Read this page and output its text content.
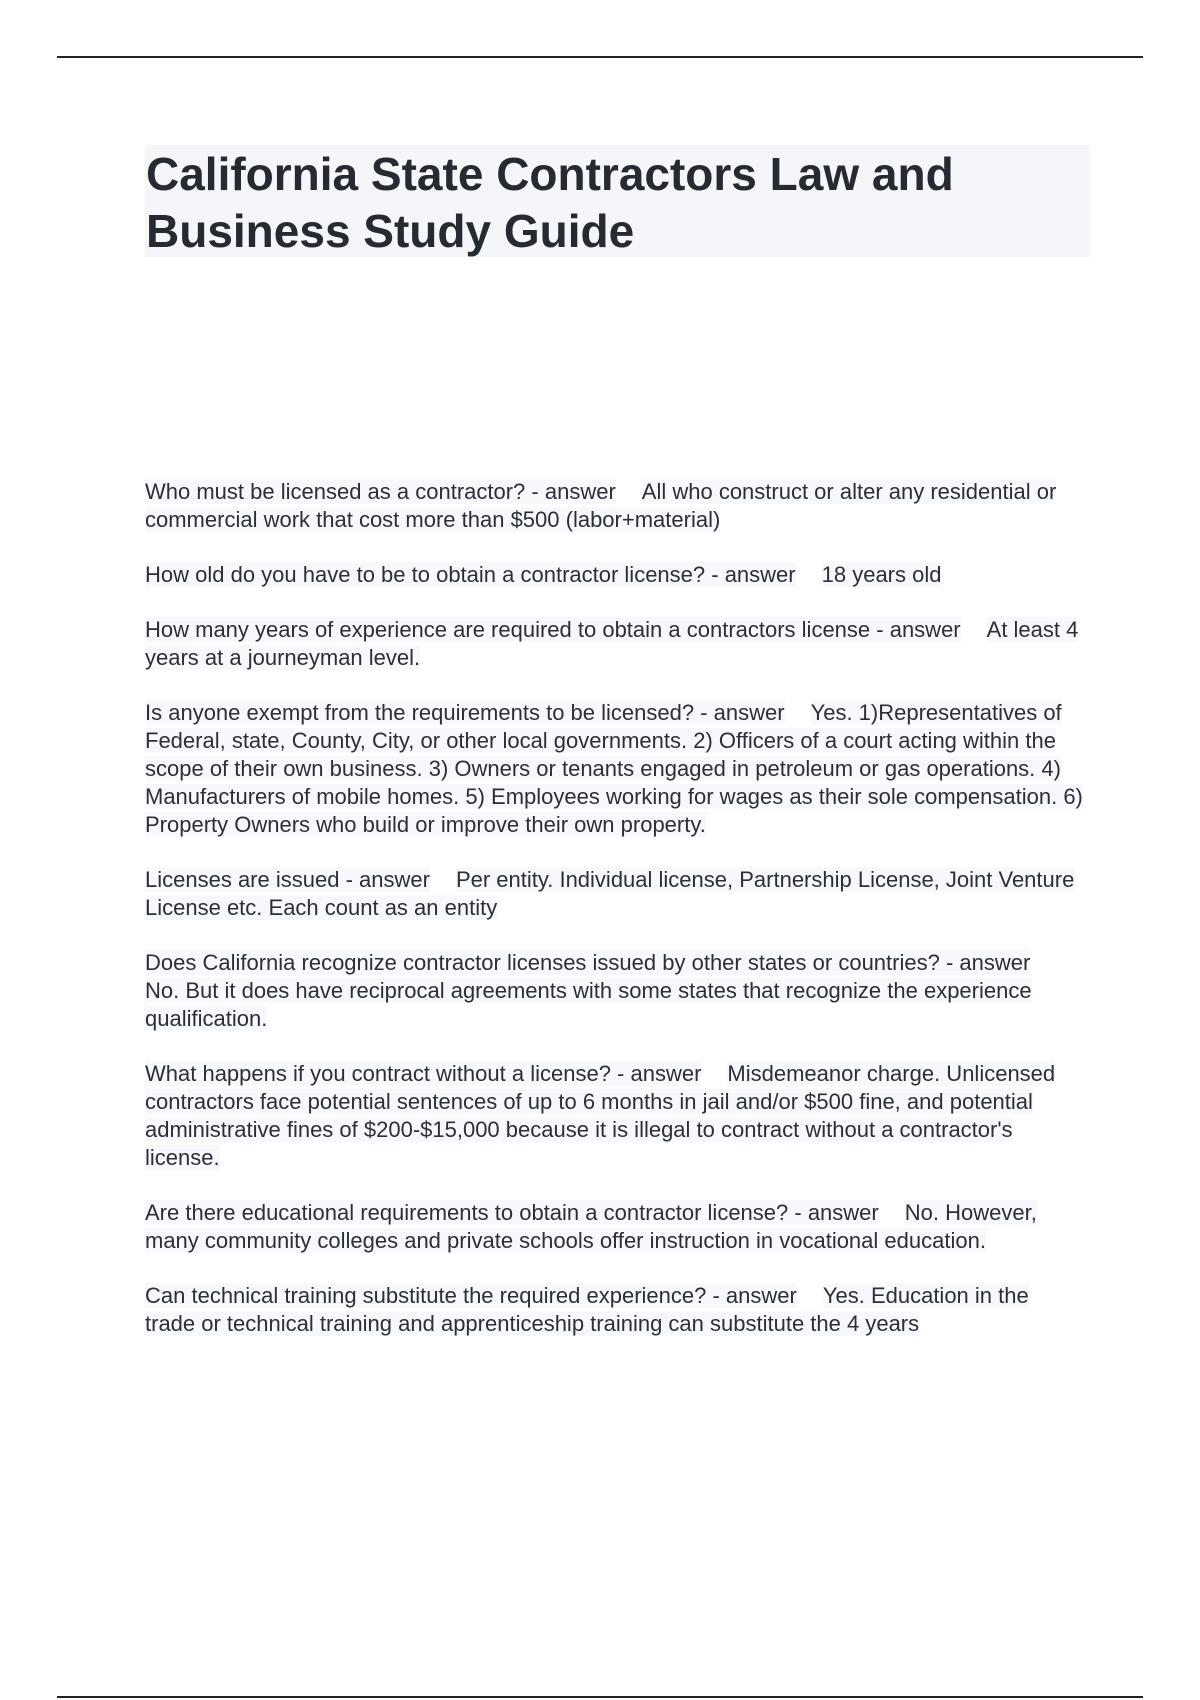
California State Contractors Law and Business Study Guide

Who must be licensed as a contractor? - answer All who construct or alter any residential or commercial work that cost more than $500 (labor+material)

How old do you have to be to obtain a contractor license? - answer 18 years old

How many years of experience are required to obtain a contractors license - answer At least 4 years at a journeyman level.

Is anyone exempt from the requirements to be licensed? - answer Yes. 1)Representatives of Federal, state, County, City, or other local governments. 2) Officers of a court acting within the scope of their own business. 3) Owners or tenants engaged in petroleum or gas operations. 4) Manufacturers of mobile homes. 5) Employees working for wages as their sole compensation. 6) Property Owners who build or improve their own property.

Licenses are issued - answer Per entity. Individual license, Partnership License, Joint Venture License etc. Each count as an entity

Does California recognize contractor licenses issued by other states or countries? - answerNo. But it does have reciprocal agreements with some states that recognize the experience qualification.

What happens if you contract without a license? - answer Misdemeanor charge. Unlicensed contractors face potential sentences of up to 6 months in jail and/or $500 fine, and potential administrative fines of $200-$15,000 because it is illegal to contract without a contractor's license.

Are there educational requirements to obtain a contractor license? - answer No. However, many community colleges and private schools offer instruction in vocational education.

Can technical training substitute the required experience? - answer Yes. Education in the trade or technical training and apprenticeship training can substitute the 4 years
